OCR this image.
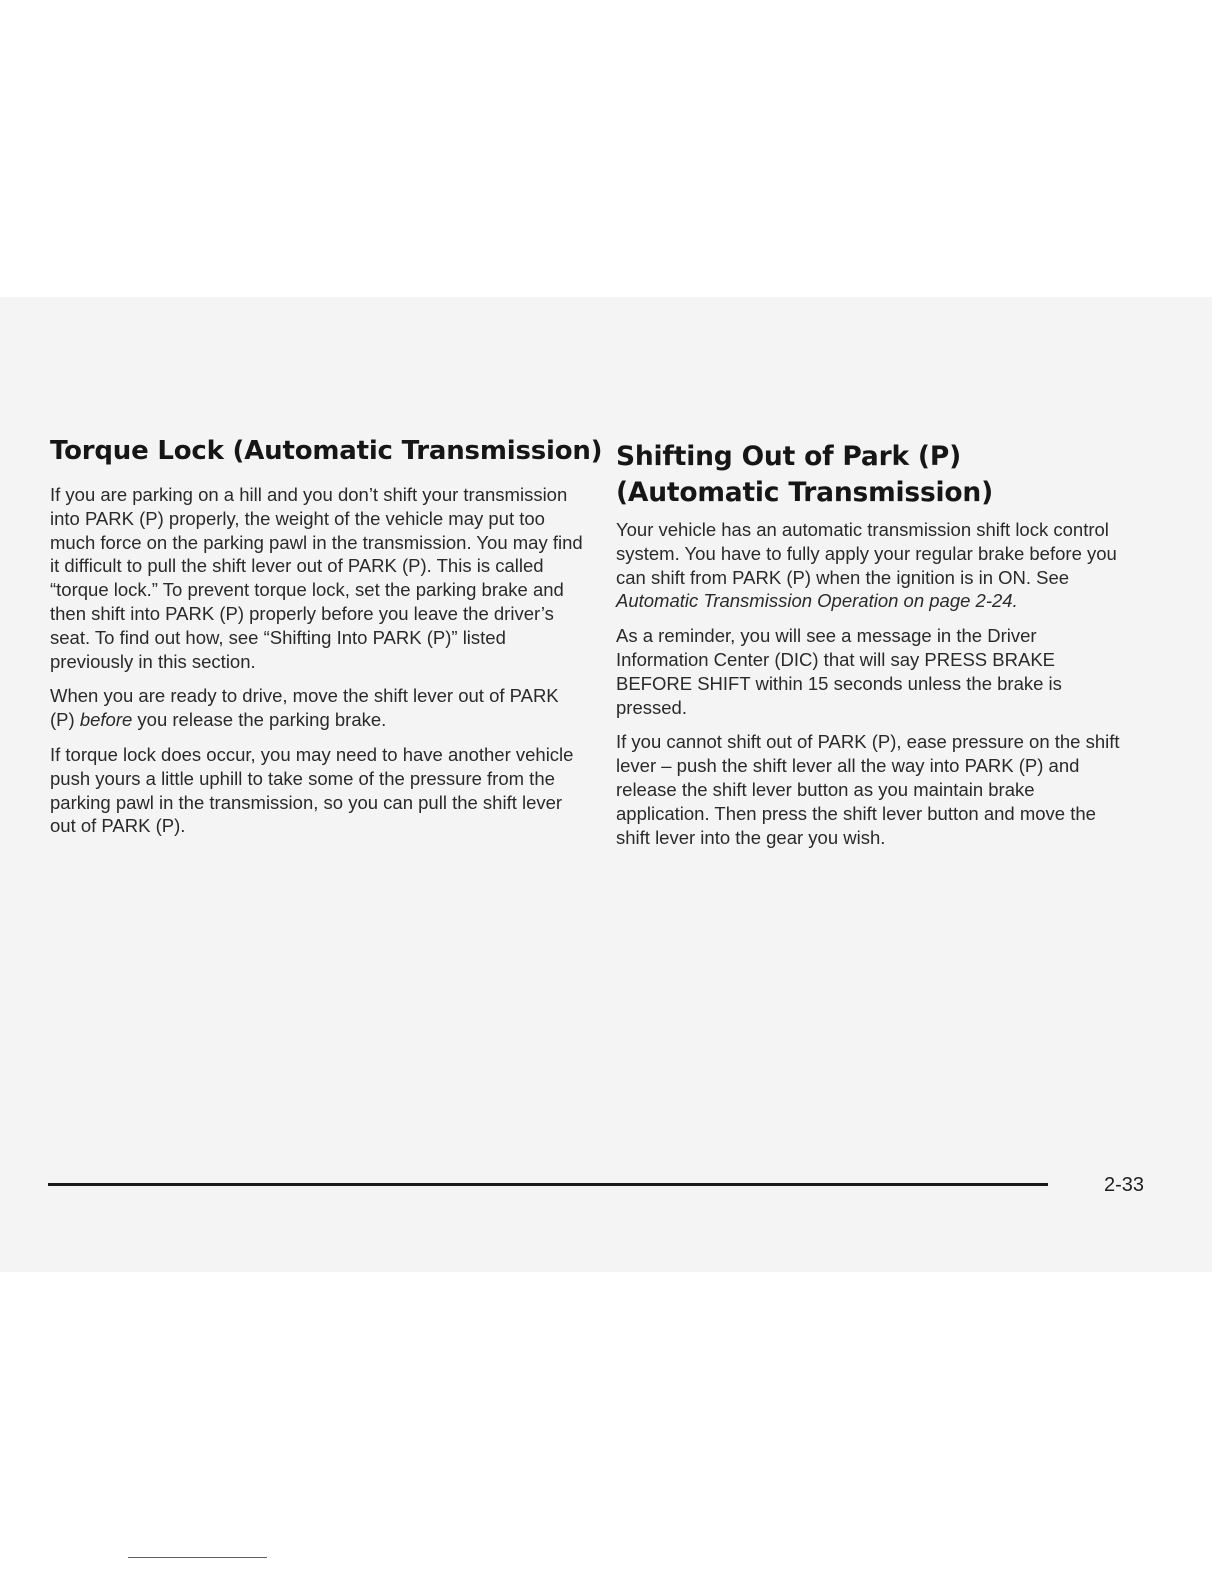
Torque Lock (Automatic Transmission)

If you are parking on a hill and you don’t shift your transmission into PARK (P) properly, the weight of the vehicle may put too much force on the parking pawl in the transmission. You may find it difficult to pull the shift lever out of PARK (P). This is called “torque lock.” To prevent torque lock, set the parking brake and then shift into PARK (P) properly before you leave the driver’s seat. To find out how, see “Shifting Into PARK (P)” listed previously in this section.

When you are ready to drive, move the shift lever out of PARK (P) before you release the parking brake.

If torque lock does occur, you may need to have another vehicle push yours a little uphill to take some of the pressure from the parking pawl in the transmission, so you can pull the shift lever out of PARK (P).

Shifting Out of Park (P)
(Automatic Transmission)

Your vehicle has an automatic transmission shift lock control system. You have to fully apply your regular brake before you can shift from PARK (P) when the ignition is in ON. See Automatic Transmission Operation on page 2-24.

As a reminder, you will see a message in the Driver Information Center (DIC) that will say PRESS BRAKE BEFORE SHIFT within 15 seconds unless the brake is pressed.

If you cannot shift out of PARK (P), ease pressure on the shift lever – push the shift lever all the way into PARK (P) and release the shift lever button as you maintain brake application. Then press the shift lever button and move the shift lever into the gear you wish.

2-33
